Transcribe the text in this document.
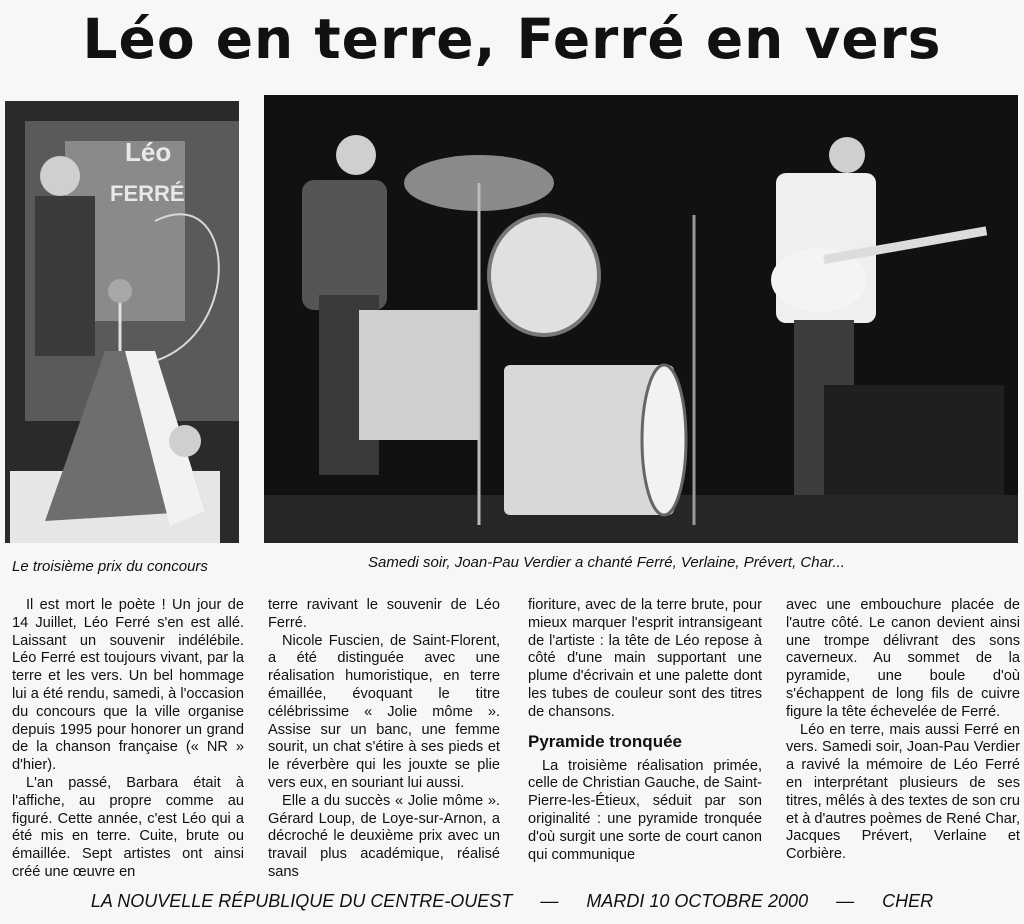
Léo en terre, Ferré en vers
Léo
FERRÉ
Le troisième prix du concours	Samedi soir, Joan-Pau Verdier a chanté Ferré, Verlaine, Prévert, Char...

Il est mort le poète ! Un jour de 14 Juillet, Léo Ferré s'en est allé. Laissant un souvenir indélébile. Léo Ferré est toujours vivant, par la terre et les vers. Un bel hommage lui a été rendu, samedi, à l'occasion du concours que la ville organise depuis 1995 pour honorer un grand de la chanson française (« NR » d'hier).

L'an passé, Barbara était à l'affiche, au propre comme au figuré. Cette année, c'est Léo qui a été mis en terre. Cuite, brute ou émaillée. Sept artistes ont ainsi créé une œuvre en

terre ravivant le souvenir de Léo Ferré.

Nicole Fuscien, de Saint-Florent, a été distinguée avec une réalisation humoristique, en terre émaillée, évoquant le titre célébrissime « Jolie môme ». Assise sur un banc, une femme sourit, un chat s'étire à ses pieds et le réverbère qui les jouxte se plie vers eux, en souriant lui aussi.

Elle a du succès « Jolie môme ». Gérard Loup, de Loye-sur-Arnon, a décroché le deuxième prix avec un travail plus académique, réalisé sans

fioriture, avec de la terre brute, pour mieux marquer l'esprit intransigeant de l'artiste : la tête de Léo repose à côté d'une main supportant une plume d'écrivain et une palette dont les tubes de couleur sont des titres de chansons.

Pyramide tronquée

La troisième réalisation primée, celle de Christian Gauche, de Saint-Pierre-les-Étieux, séduit par son originalité : une pyramide tronquée d'où surgit une sorte de court canon qui communique

avec une embouchure placée de l'autre côté. Le canon devient ainsi une trompe délivrant des sons caverneux. Au sommet de la pyramide, une boule d'où s'échappent de long fils de cuivre figure la tête échevelée de Ferré.

Léo en terre, mais aussi Ferré en vers. Samedi soir, Joan-Pau Verdier a ravivé la mémoire de Léo Ferré en interprétant plusieurs de ses titres, mêlés à des textes de son cru et à d'autres poèmes de René Char, Jacques Prévert, Verlaine et Corbière.

LA NOUVELLE RÉPUBLIQUE DU CENTRE-OUEST — MARDI 10 OCTOBRE 2000 — CHER
